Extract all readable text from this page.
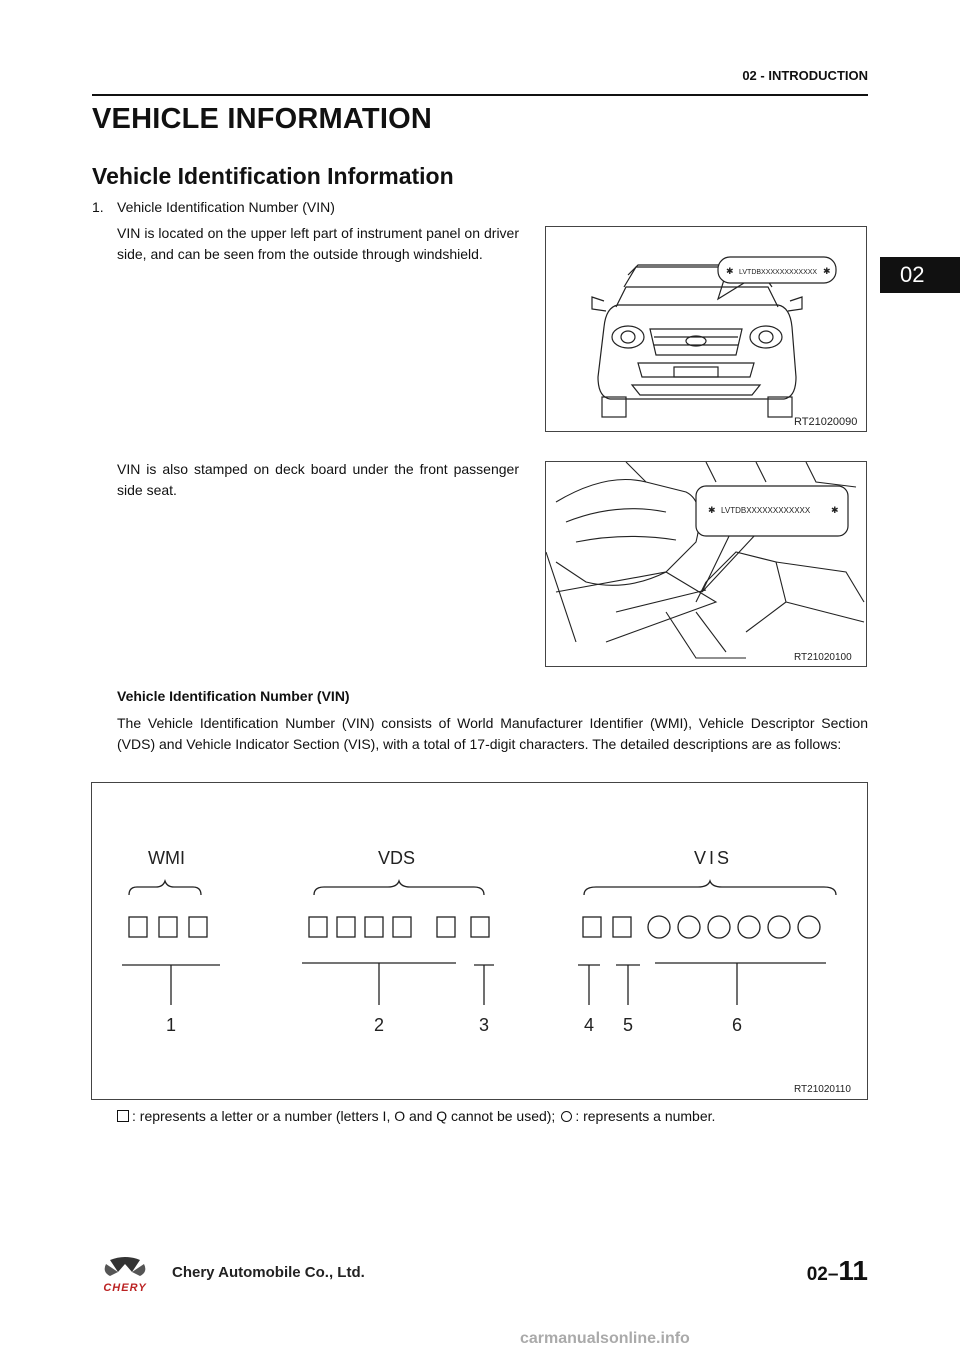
02 - INTRODUCTION
02
VEHICLE INFORMATION
Vehicle Identification Information
1. Vehicle Identification Number (VIN)
VIN is located on the upper left part of instrument panel on driver side, and can be seen from the outside through windshield.
VIN is also stamped on deck board under the front passenger side seat.
✱ LVTDBXXXXXXXXXXXX ✱
RT21020090
✱ LVTDBXXXXXXXXXXXX ✱
RT21020100
Vehicle Identification Number (VIN)
The Vehicle Identification Number (VIN) consists of World Manufacturer Identifier (WMI), Vehicle Descriptor Section (VDS) and Vehicle Indicator Section (VIS), with a total of 17-digit characters. The detailed descriptions are as follows:
WMI	VDS	VIS
1	2	3	4 5	6
RT21020110
: represents a letter or a number (letters I, O and Q cannot be used); : represents a number.
CHERY
Chery Automobile Co., Ltd.	02–11
carmanualsonline.info
